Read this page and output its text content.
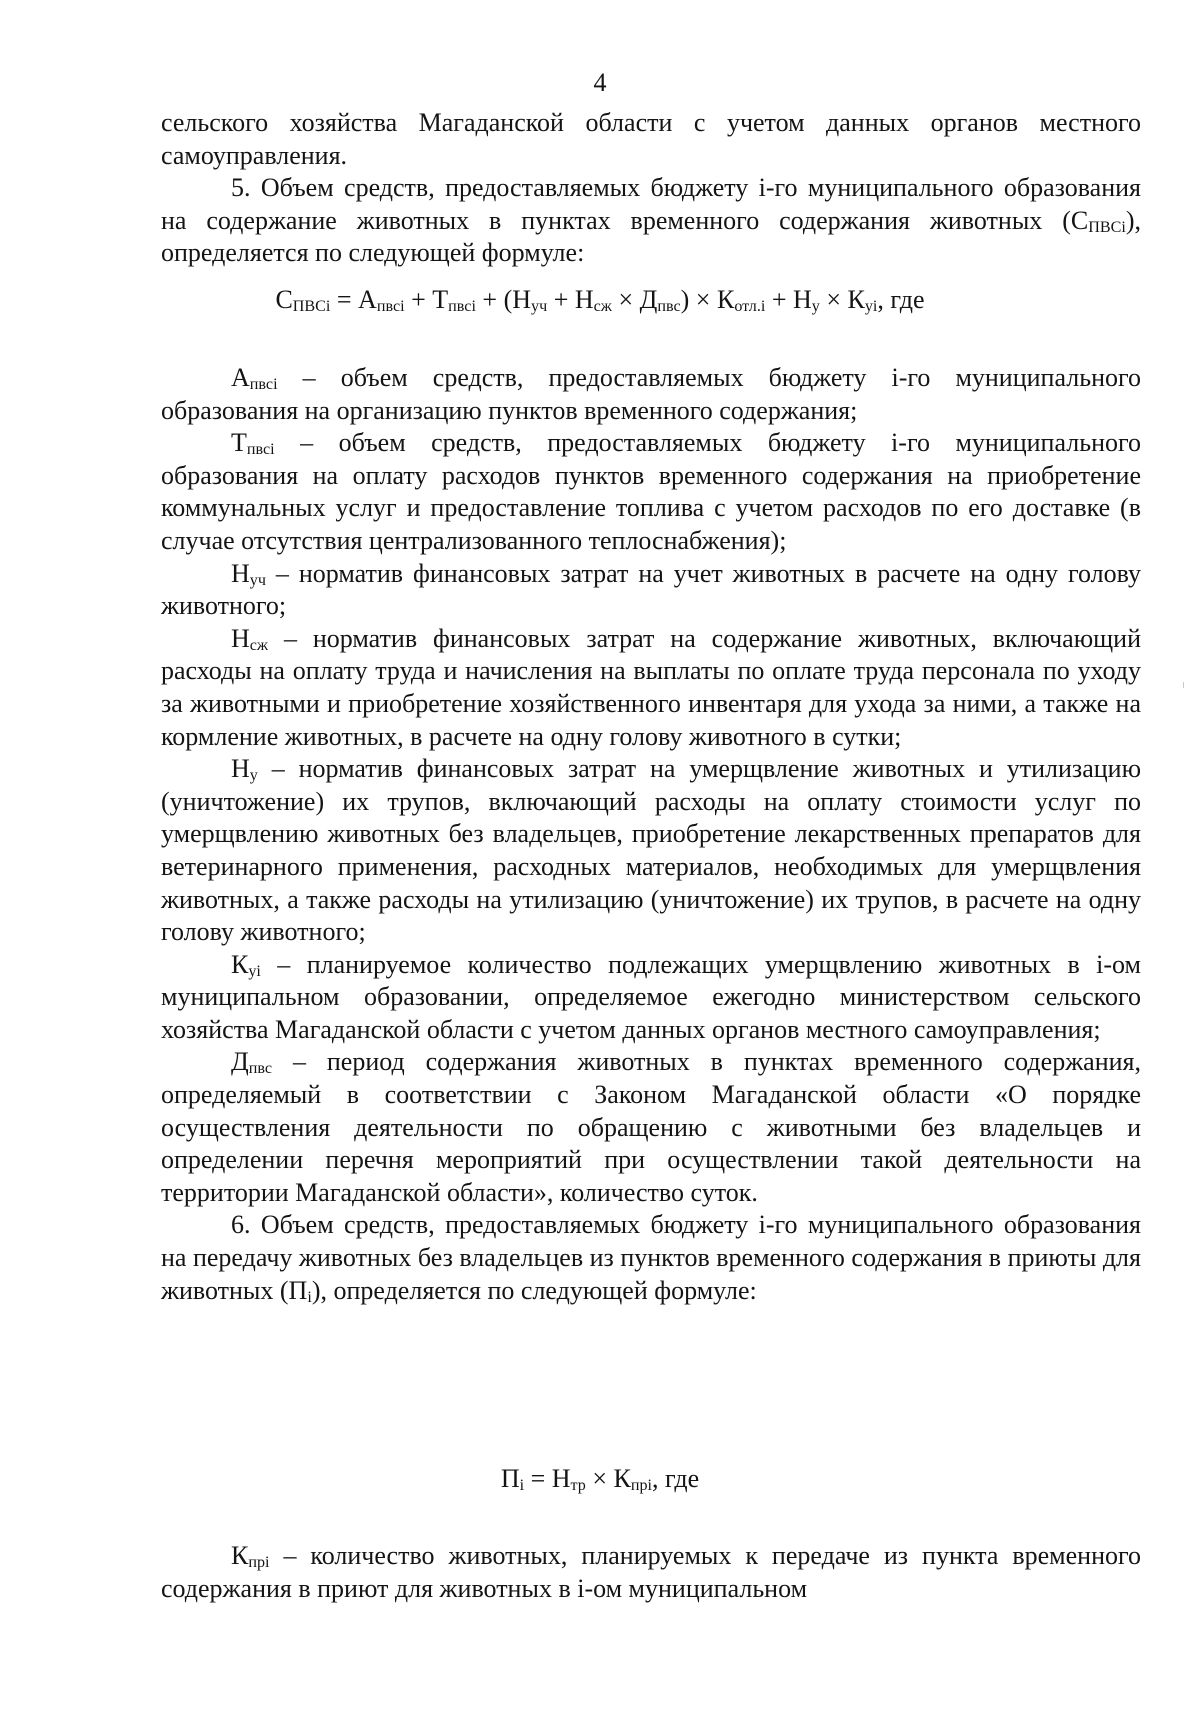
4

сельского хозяйства Магаданской области с учетом данных органов местного самоуправления.

5. Объем средств, предоставляемых бюджету i-го муниципального образования на содержание животных в пунктах временного содержания животных $(С_{ПВСi})$, определяется по следующей формуле:

$С_{ПВСi} = А_{пвсi} + Т_{пвсi} + (Н_{уч} + Н_{сж} \times Д_{пвс}) \times К_{отл.i} + Н_у \times К_{уi}$, где

$А_{пвсi}$ – объем средств, предоставляемых бюджету i-го муниципального образования на организацию пунктов временного содержания;

$Т_{пвсi}$ – объем средств, предоставляемых бюджету i-го муниципального образования на оплату расходов пунктов временного содержания на приобретение коммунальных услуг и предоставление топлива с учетом расходов по его доставке (в случае отсутствия централизованного теплоснабжения);

$Н_{уч}$ – норматив финансовых затрат на учет животных в расчете на одну голову животного;

$Н_{сж}$ – норматив финансовых затрат на содержание животных, включающий расходы на оплату труда и начисления на выплаты по оплате труда персонала по уходу за животными и приобретение хозяйственного инвентаря для ухода за ними, а также на кормление животных, в расчете на одну голову животного в сутки;

$Н_у$ – норматив финансовых затрат на умерщвление животных и утилизацию (уничтожение) их трупов, включающий расходы на оплату стоимости услуг по умерщвлению животных без владельцев, приобретение лекарственных препаратов для ветеринарного применения, расходных материалов, необходимых для умерщвления животных, а также расходы на утилизацию (уничтожение) их трупов, в расчете на одну голову животного;

$К_{уi}$ – планируемое количество подлежащих умерщвлению животных в i-ом муниципальном образовании, определяемое ежегодно министерством сельского хозяйства Магаданской области с учетом данных органов местного самоуправления;

$Д_{пвс}$ – период содержания животных в пунктах временного содержания, определяемый в соответствии с Законом Магаданской области «О порядке осуществления деятельности по обращению с животными без владельцев и определении перечня мероприятий при осуществлении такой деятельности на территории Магаданской области», количество суток.

6. Объем средств, предоставляемых бюджету i-го муниципального образования на передачу животных без владельцев из пунктов временного содержания в приюты для животных $(П_i)$, определяется по следующей формуле:

$П_i = Н_{тр} \times К_{прi}$, где

$К_{прi}$ – количество животных, планируемых к передаче из пункта временного содержания в приют для животных в i-ом муниципальном
